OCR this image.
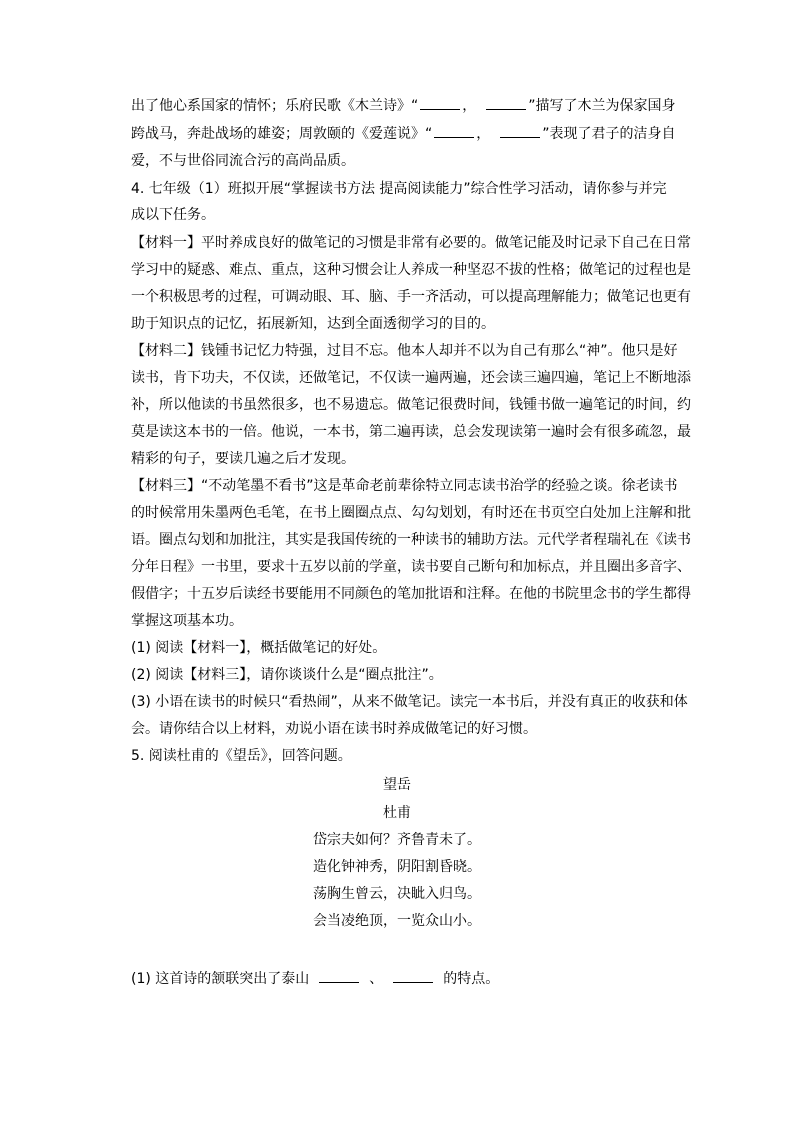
出了他心系国家的情怀；乐府民歌《木兰诗》“	，	”描写了木兰为保家国身
跨战马，奔赴战场的雄姿；周敦颐的《爱莲说》“	，	”表现了君子的洁身自
爱，不与世俗同流合污的高尚品质。
4. 七年级（1）班拟开展“掌握读书方法 提高阅读能力”综合性学习活动，请你参与并完
成以下任务。
【材料一】平时养成良好的做笔记的习惯是非常有必要的。做笔记能及时记录下自己在日常
学习中的疑惑、难点、重点，这种习惯会让人养成一种坚忍不拔的性格；做笔记的过程也是
一个积极思考的过程，可调动眼、耳、脑、手一齐活动，可以提高理解能力；做笔记也更有
助于知识点的记忆，拓展新知，达到全面透彻学习的目的。
【材料二】钱锺书记忆力特强，过目不忘。他本人却并不以为自己有那么“神”。他只是好
读书，肯下功夫，不仅读，还做笔记，不仅读一遍两遍，还会读三遍四遍，笔记上不断地添
补，所以他读的书虽然很多，也不易遗忘。做笔记很费时间，钱锺书做一遍笔记的时间，约
莫是读这本书的一倍。他说，一本书，第二遍再读，总会发现读第一遍时会有很多疏忽，最
精彩的句子，要读几遍之后才发现。
【材料三】“不动笔墨不看书”这是革命老前辈徐特立同志读书治学的经验之谈。徐老读书
的时候常用朱墨两色毛笔，在书上圈圈点点、勾勾划划，有时还在书页空白处加上注解和批
语。圈点勾划和加批注，其实是我国传统的一种读书的辅助方法。元代学者程瑞礼在《读书
分年日程》一书里，要求十五岁以前的学童，读书要自己断句和加标点，并且圈出多音字、
假借字；十五岁后读经书要能用不同颜色的笔加批语和注释。在他的书院里念书的学生都得
掌握这项基本功。
(1) 阅读【材料一】，概括做笔记的好处。
(2) 阅读【材料三】，请你谈谈什么是“圈点批注”。
(3) 小语在读书的时候只“看热闹”，从来不做笔记。读完一本书后，并没有真正的收获和体
会。请你结合以上材料，劝说小语在读书时养成做笔记的好习惯。
5. 阅读杜甫的《望岳》，回答问题。
望岳
杜甫
岱宗夫如何？齐鲁青未了。
造化钟神秀，阴阳割昏晓。
荡胸生曾云，决眦入归鸟。
会当凌绝顶，一览众山小。
(1) 这首诗的颔联突出了泰山	、	的特点。
